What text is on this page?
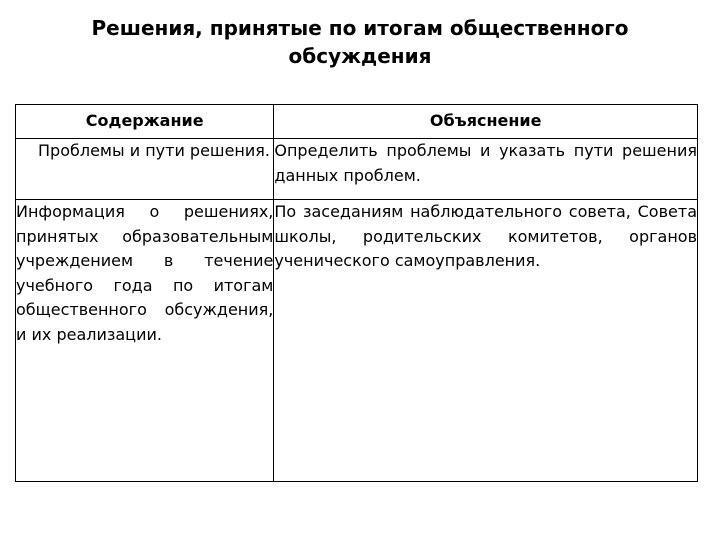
Решения, принятые по итогам общественного обсуждения
Содержание	Объяснение
Проблемы и пути решения.	Определить проблемы и указать пути решения данных проблем.
Информация о решениях, принятых образовательным учреждением в течение учебного года по итогам общественного обсуждения, и их реализации.	По заседаниям наблюдательного совета, Совета школы, родительских комитетов, органов ученического самоуправления.
